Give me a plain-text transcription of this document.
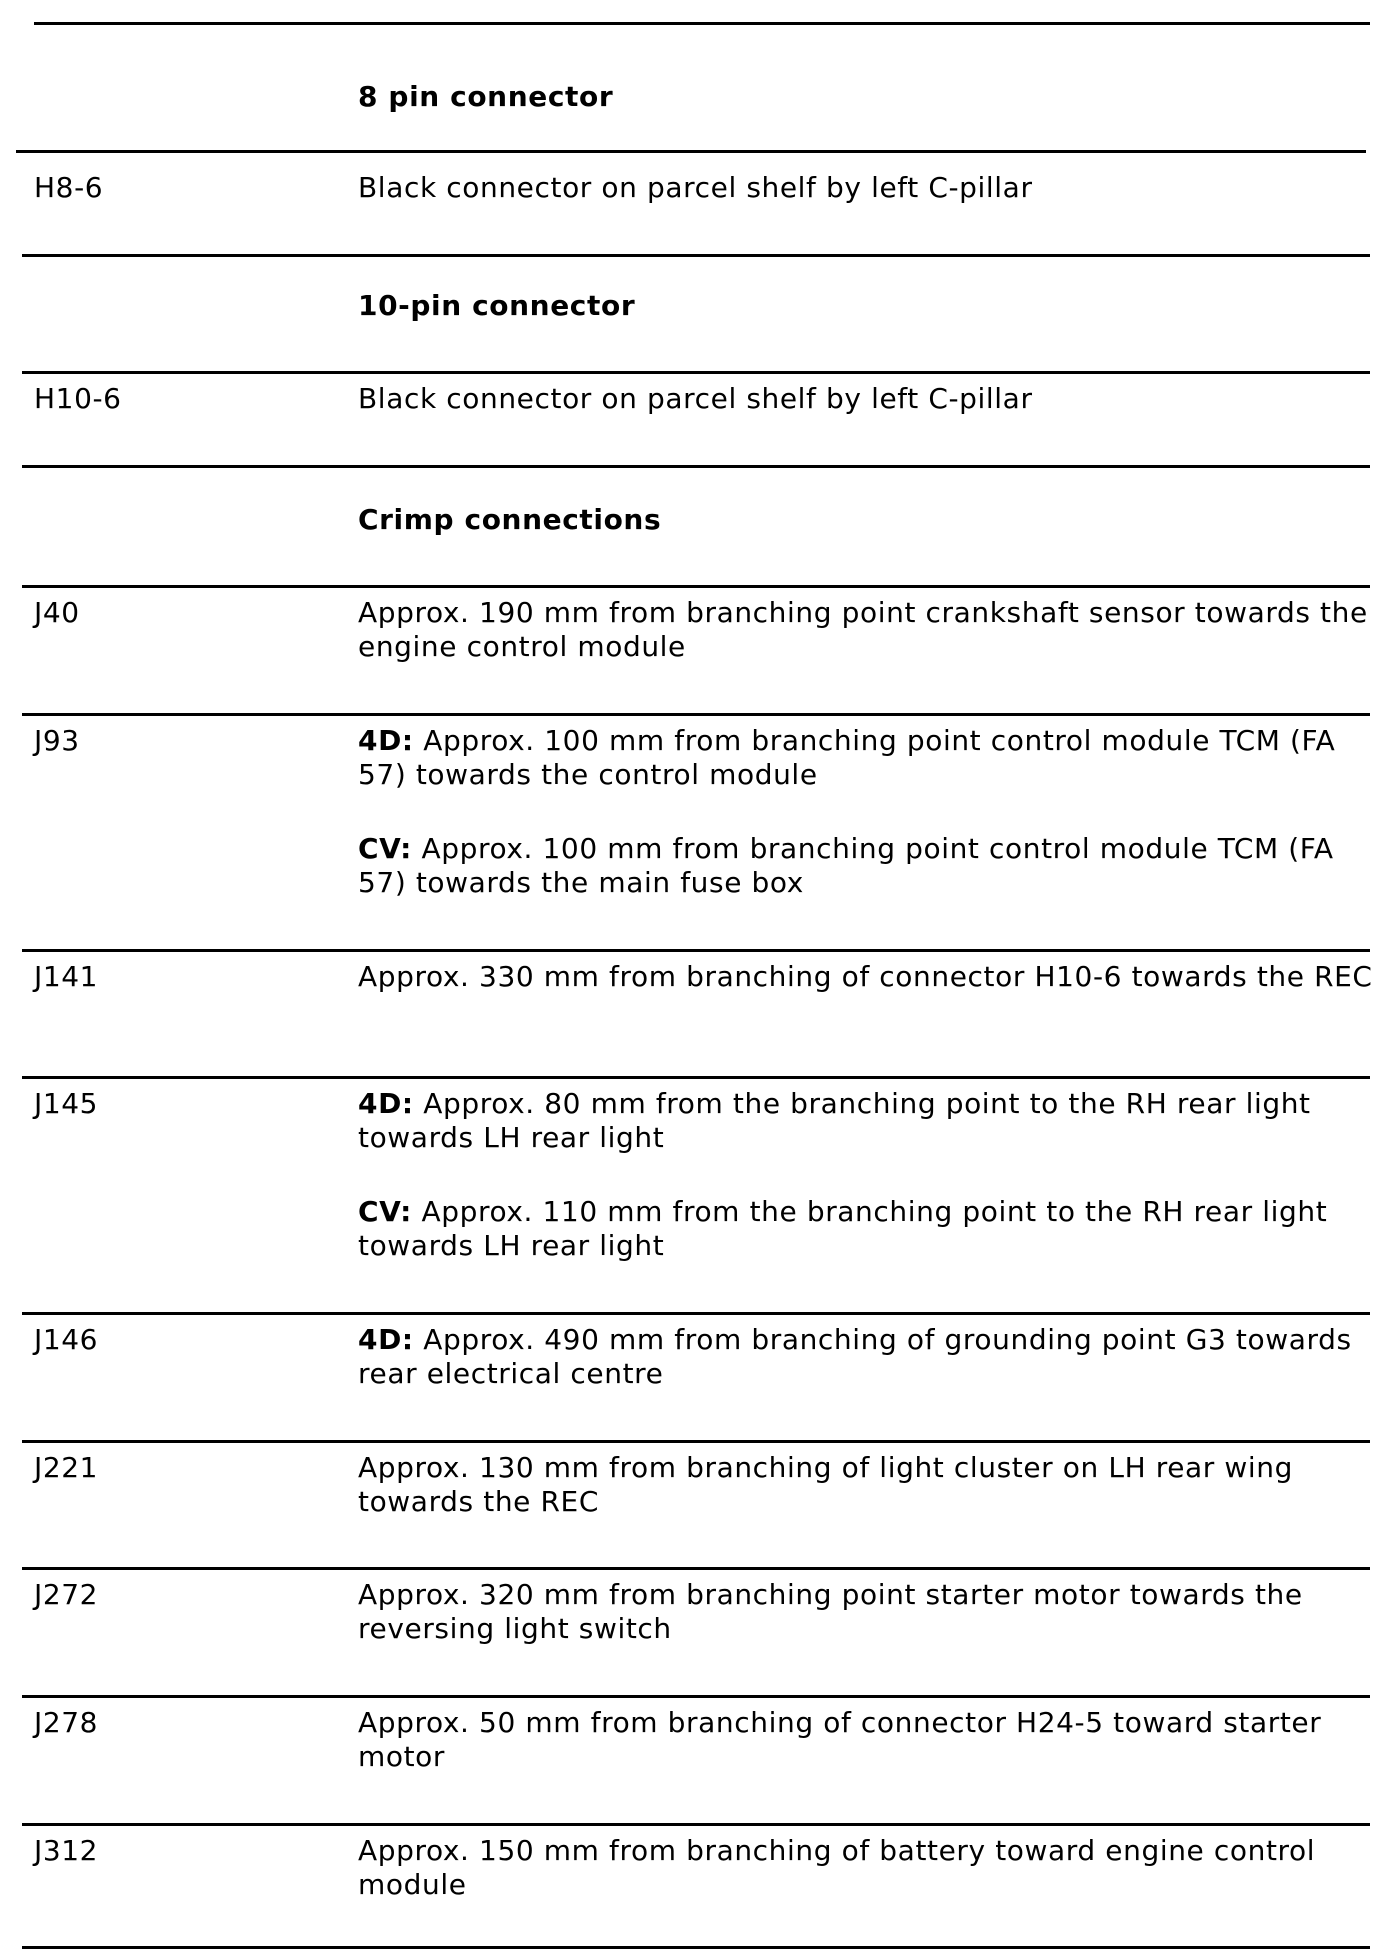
8 pin connector
H8-6	Black connector on parcel shelf by left C-pillar

10-pin connector
H10-6	Black connector on parcel shelf by left C-pillar

Crimp connections
J40	Approx. 190 mm from branching point crankshaft sensor towards the engine control module

J93	4D: Approx. 100 mm from branching point control module TCM (FA 57) towards the control module

CV: Approx. 100 mm from branching point control module TCM (FA 57) towards the main fuse box

J141	Approx. 330 mm from branching of connector H10-6 towards the REC

J145	4D: Approx. 80 mm from the branching point to the RH rear light towards LH rear light

CV: Approx. 110 mm from the branching point to the RH rear light towards LH rear light

J146	4D: Approx. 490 mm from branching of grounding point G3 towards rear electrical centre

J221	Approx. 130 mm from branching of light cluster on LH rear wing towards the REC

J272	Approx. 320 mm from branching point starter motor towards the reversing light switch

J278	Approx. 50 mm from branching of connector H24-5 toward starter motor

J312	Approx. 150 mm from branching of battery toward engine control module
